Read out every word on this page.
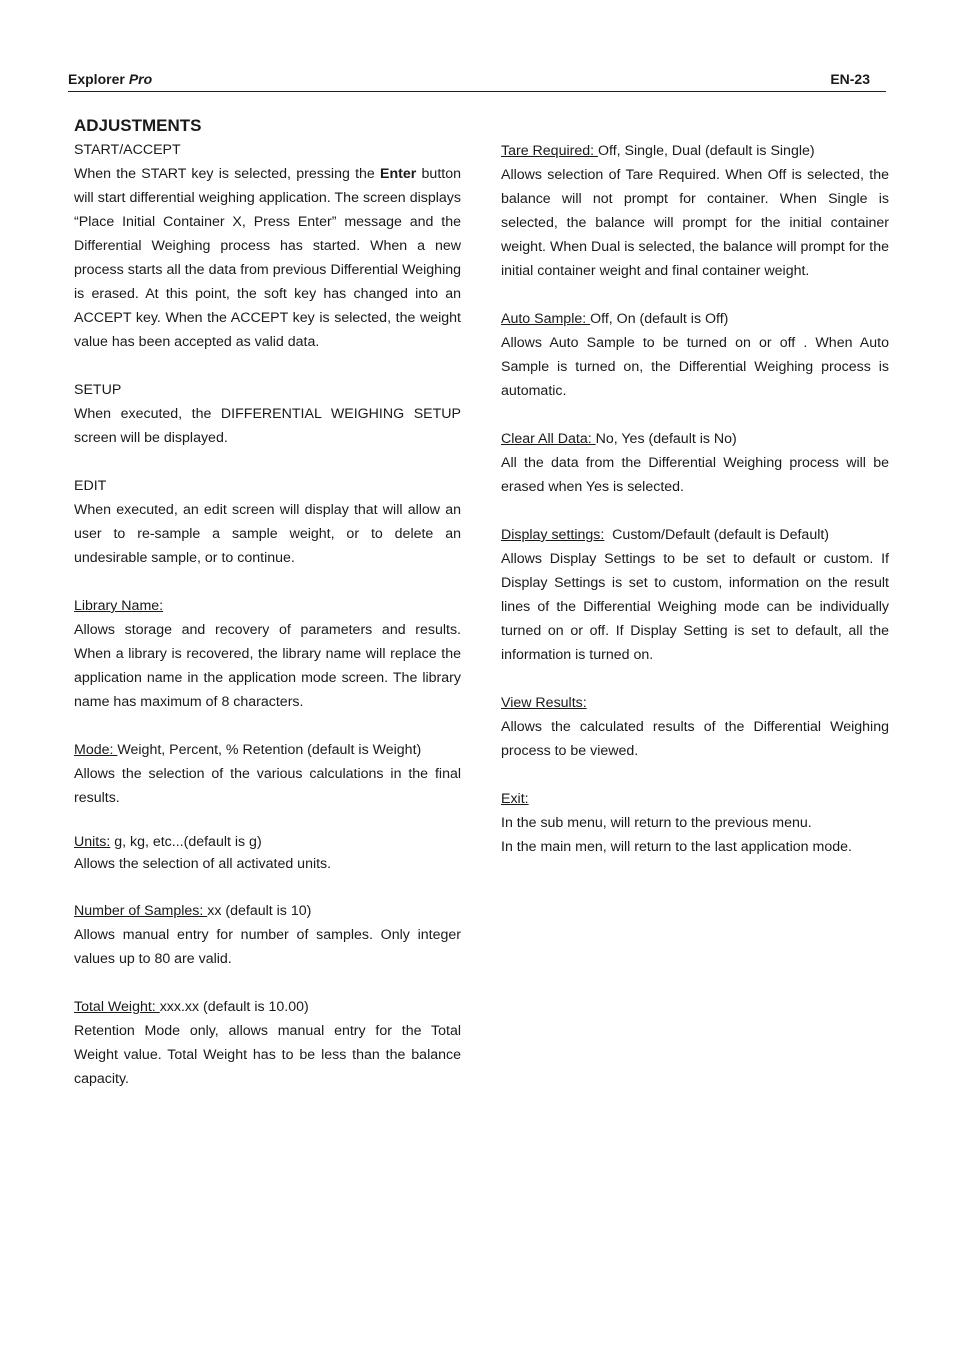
Explorer Pro	EN-23
ADJUSTMENTS
START/ACCEPT
When the START key is selected, pressing the Enter button will start differential weighing application. The screen displays “Place Initial Container X, Press Enter” message and the Differential Weighing process has started. When a new process starts all the data from previous Differential Weighing is erased. At this point, the soft key has changed into an ACCEPT key. When the ACCEPT key is selected, the weight value has been accepted as valid data.
SETUP
When executed, the DIFFERENTIAL WEIGHING SETUP screen will be displayed.
EDIT
When executed, an edit screen will display that will allow an user to re-sample a sample weight, or to delete an undesirable sample, or to continue.
Library Name:
Allows storage and recovery of parameters and results. When a library is recovered, the library name will replace the application name in the application mode screen. The library name has maximum of 8 characters.
Mode: Weight, Percent, % Retention (default is Weight)
Allows the selection of the various calculations in the final results.
Units: g, kg, etc...(default is g)
Allows the selection of all activated units.
Number of Samples: xx (default is 10)
Allows manual entry for number of samples. Only integer values up to 80 are valid.
Total Weight: xxx.xx (default is 10.00)
Retention Mode only, allows manual entry for the Total Weight value. Total Weight has to be less than the balance capacity.
Tare Required: Off, Single, Dual (default is Single)
Allows selection of Tare Required. When Off is selected, the balance will not prompt for container. When Single is selected, the balance will prompt for the initial container weight. When Dual is selected, the balance will prompt for the initial container weight and final container weight.
Auto Sample: Off, On (default is Off)
Allows Auto Sample to be turned on or off . When Auto Sample is turned on, the Differential Weighing process is automatic.
Clear All Data: No, Yes (default is No)
All the data from the Differential Weighing process will be erased when Yes is selected.
Display settings:  Custom/Default (default is Default)
Allows Display Settings to be set to default or custom. If Display Settings is set to custom, information on the result lines of the Differential Weighing mode can be individually turned on or off. If Display Setting is set to default, all the information is turned on.
View Results:
Allows the calculated results of the Differential Weighing process to be viewed.
Exit:
In the sub menu, will return to the previous menu.
In the main men, will return to the last application mode.
